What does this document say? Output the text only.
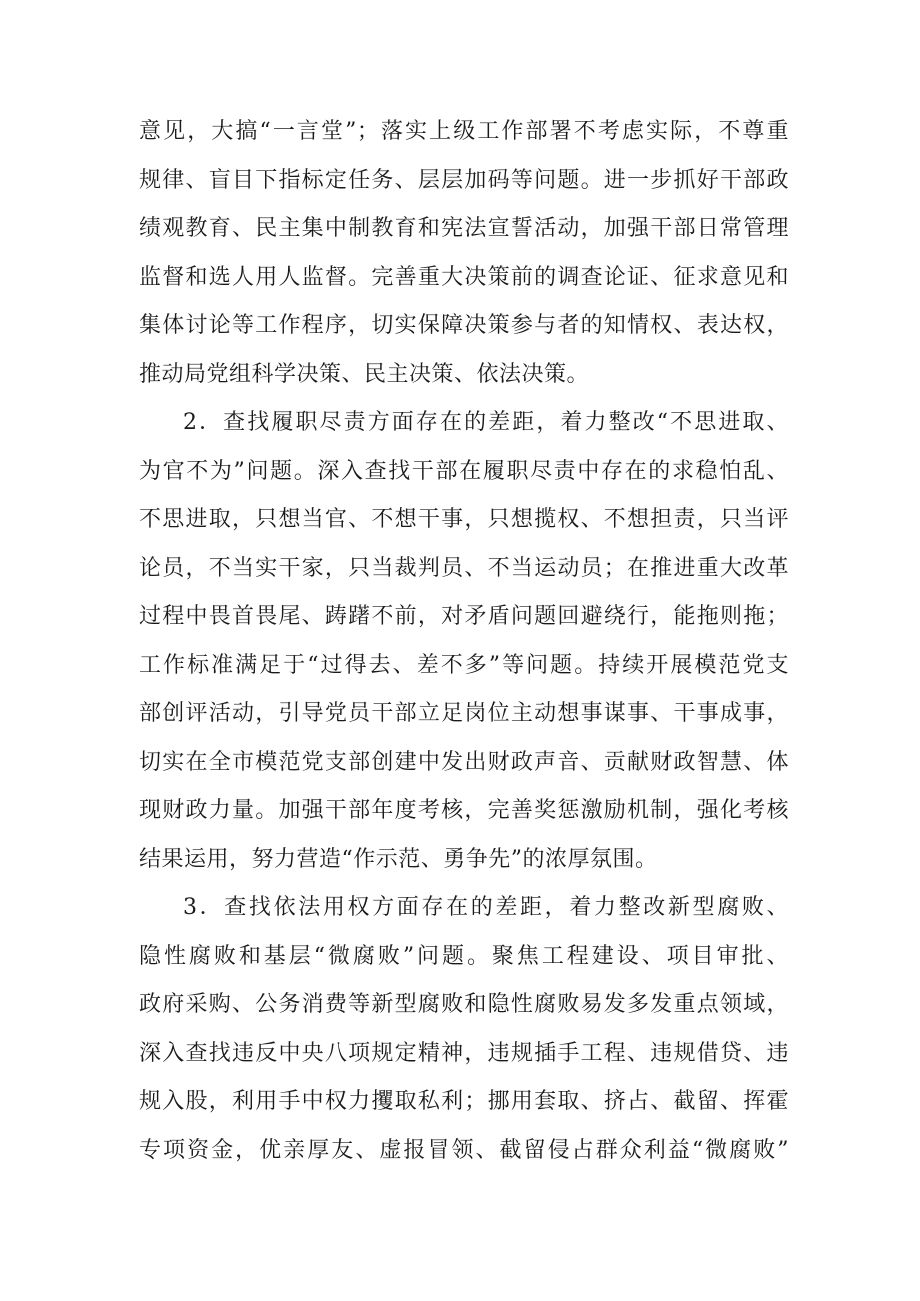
意见，大搞“一言堂”；落实上级工作部署不考虑实际，不尊重
规律、盲目下指标定任务、层层加码等问题。进一步抓好干部政
绩观教育、民主集中制教育和宪法宣誓活动，加强干部日常管理
监督和选人用人监督。完善重大决策前的调查论证、征求意见和
集体讨论等工作程序，切实保障决策参与者的知情权、表达权，
推动局党组科学决策、民主决策、依法决策。
2．查找履职尽责方面存在的差距，着力整改“不思进取、
为官不为”问题。深入查找干部在履职尽责中存在的求稳怕乱、
不思进取，只想当官、不想干事，只想揽权、不想担责，只当评
论员，不当实干家，只当裁判员、不当运动员；在推进重大改革
过程中畏首畏尾、踌躇不前，对矛盾问题回避绕行，能拖则拖；
工作标准满足于“过得去、差不多”等问题。持续开展模范党支
部创评活动，引导党员干部立足岗位主动想事谋事、干事成事，
切实在全市模范党支部创建中发出财政声音、贡献财政智慧、体
现财政力量。加强干部年度考核，完善奖惩激励机制，强化考核
结果运用，努力营造“作示范、勇争先”的浓厚氛围。
3．查找依法用权方面存在的差距，着力整改新型腐败、
隐性腐败和基层“微腐败”问题。聚焦工程建设、项目审批、
政府采购、公务消费等新型腐败和隐性腐败易发多发重点领域，
深入查找违反中央八项规定精神，违规插手工程、违规借贷、违
规入股，利用手中权力攫取私利；挪用套取、挤占、截留、挥霍
专项资金，优亲厚友、虚报冒领、截留侵占群众利益“微腐败”
